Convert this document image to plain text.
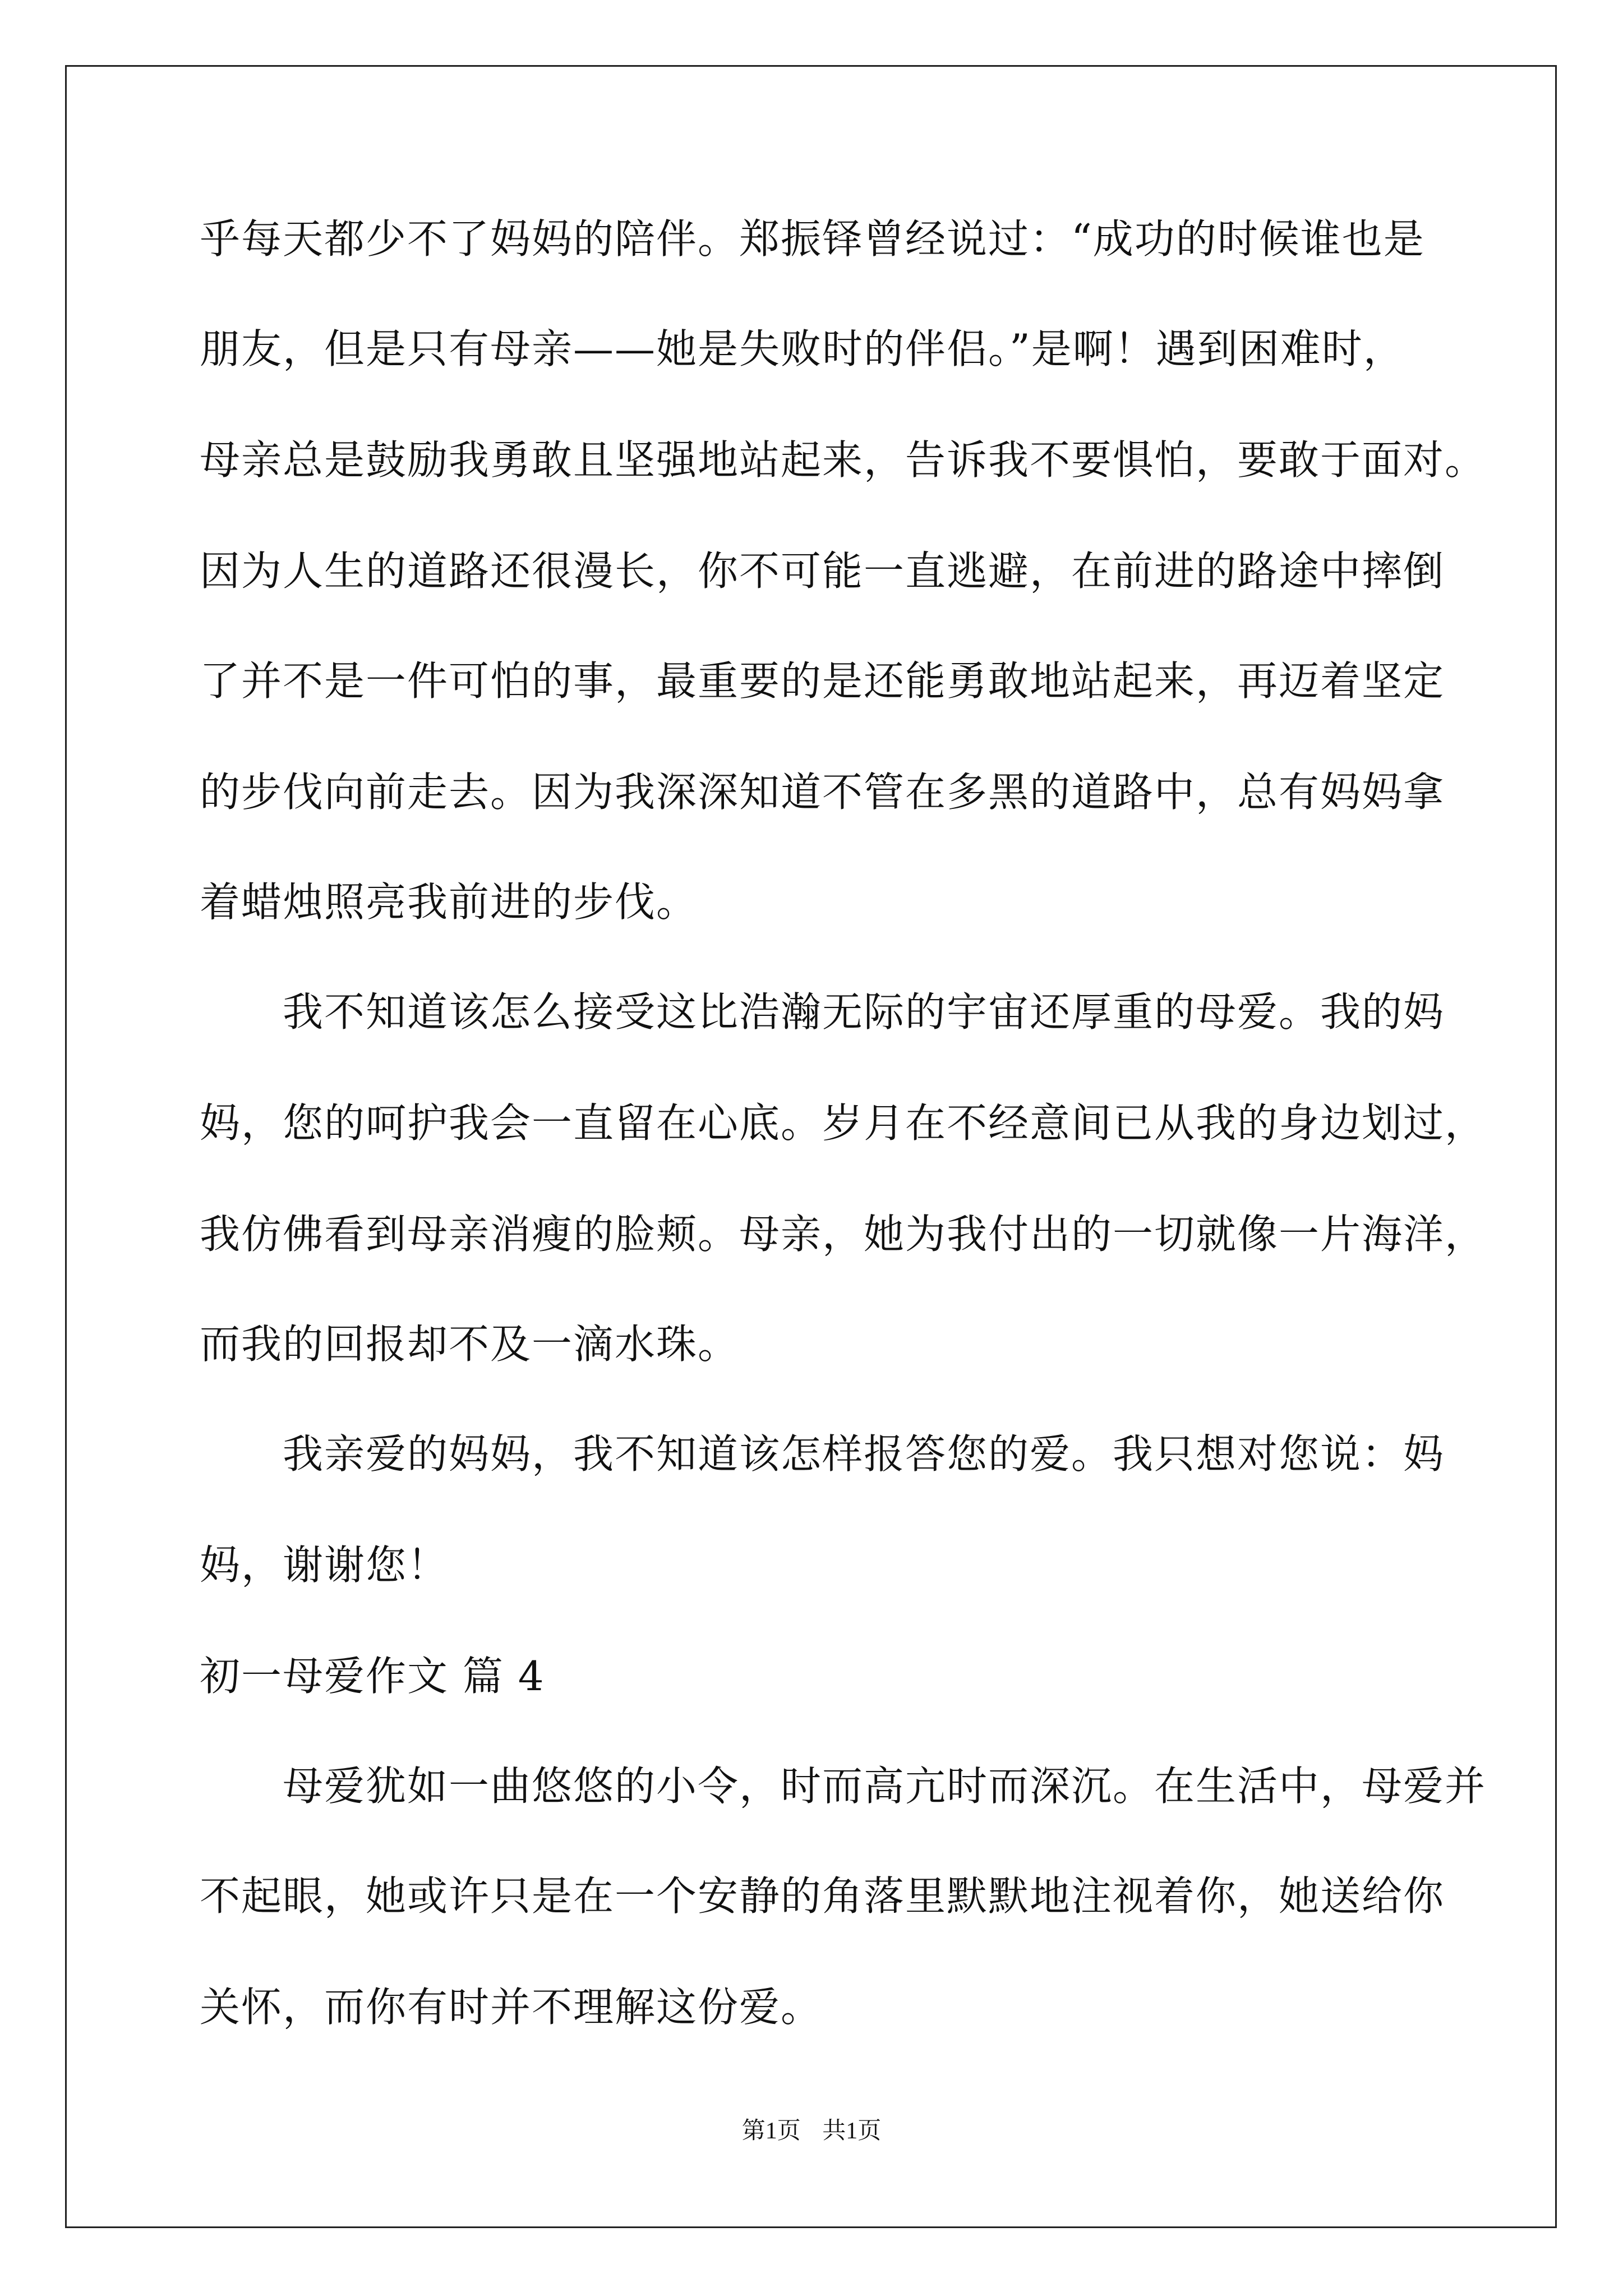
乎每天都少不了妈妈的陪伴。郑振铎曾经说过：“成功的时候谁也是
朋友，但是只有母亲——她是失败时的伴侣。”是啊！遇到困难时，
母亲总是鼓励我勇敢且坚强地站起来，告诉我不要惧怕，要敢于面对。
因为人生的道路还很漫长，你不可能一直逃避，在前进的路途中摔倒
了并不是一件可怕的事，最重要的是还能勇敢地站起来，再迈着坚定
的步伐向前走去。因为我深深知道不管在多黑的道路中，总有妈妈拿
着蜡烛照亮我前进的步伐。
我不知道该怎么接受这比浩瀚无际的宇宙还厚重的母爱。我的妈
妈，您的呵护我会一直留在心底。岁月在不经意间已从我的身边划过，
我仿佛看到母亲消瘦的脸颊。母亲，她为我付出的一切就像一片海洋，
而我的回报却不及一滴水珠。
我亲爱的妈妈，我不知道该怎样报答您的爱。我只想对您说：妈
妈，谢谢您！
初一母爱作文 篇 4
母爱犹如一曲悠悠的小令，时而高亢时而深沉。在生活中，母爱并
不起眼，她或许只是在一个安静的角落里默默地注视着你，她送给你
关怀，而你有时并不理解这份爱。
第1页 共1页
